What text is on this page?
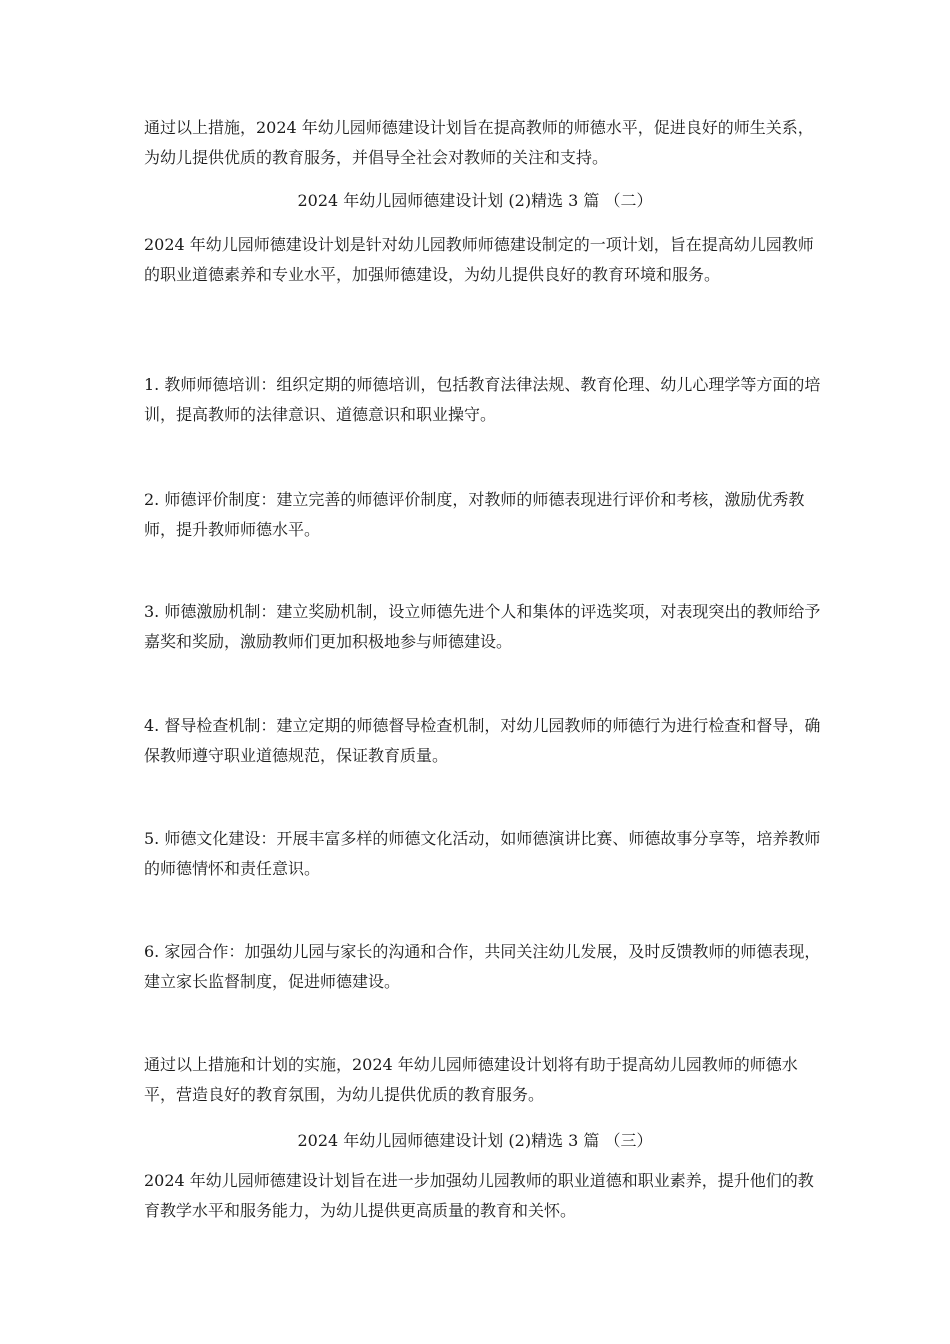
通过以上措施，2024 年幼儿园师德建设计划旨在提高教师的师德水平，促进良好的师生关系，为幼儿提供优质的教育服务，并倡导全社会对教师的关注和支持。

2024 年幼儿园师德建设计划 (2)精选 3 篇 （二）

2024 年幼儿园师德建设计划是针对幼儿园教师师德建设制定的一项计划，旨在提高幼儿园教师的职业道德素养和专业水平，加强师德建设，为幼儿提供良好的教育环境和服务。

1. 教师师德培训：组织定期的师德培训，包括教育法律法规、教育伦理、幼儿心理学等方面的培训，提高教师的法律意识、道德意识和职业操守。

2. 师德评价制度：建立完善的师德评价制度，对教师的师德表现进行评价和考核，激励优秀教师，提升教师师德水平。

3. 师德激励机制：建立奖励机制，设立师德先进个人和集体的评选奖项，对表现突出的教师给予嘉奖和奖励，激励教师们更加积极地参与师德建设。

4. 督导检查机制：建立定期的师德督导检查机制，对幼儿园教师的师德行为进行检查和督导，确保教师遵守职业道德规范，保证教育质量。

5. 师德文化建设：开展丰富多样的师德文化活动，如师德演讲比赛、师德故事分享等，培养教师的师德情怀和责任意识。

6. 家园合作：加强幼儿园与家长的沟通和合作，共同关注幼儿发展，及时反馈教师的师德表现，建立家长监督制度，促进师德建设。

通过以上措施和计划的实施，2024 年幼儿园师德建设计划将有助于提高幼儿园教师的师德水平，营造良好的教育氛围，为幼儿提供优质的教育服务。

2024 年幼儿园师德建设计划 (2)精选 3 篇 （三）

2024 年幼儿园师德建设计划旨在进一步加强幼儿园教师的职业道德和职业素养，提升他们的教育教学水平和服务能力，为幼儿提供更高质量的教育和关怀。
